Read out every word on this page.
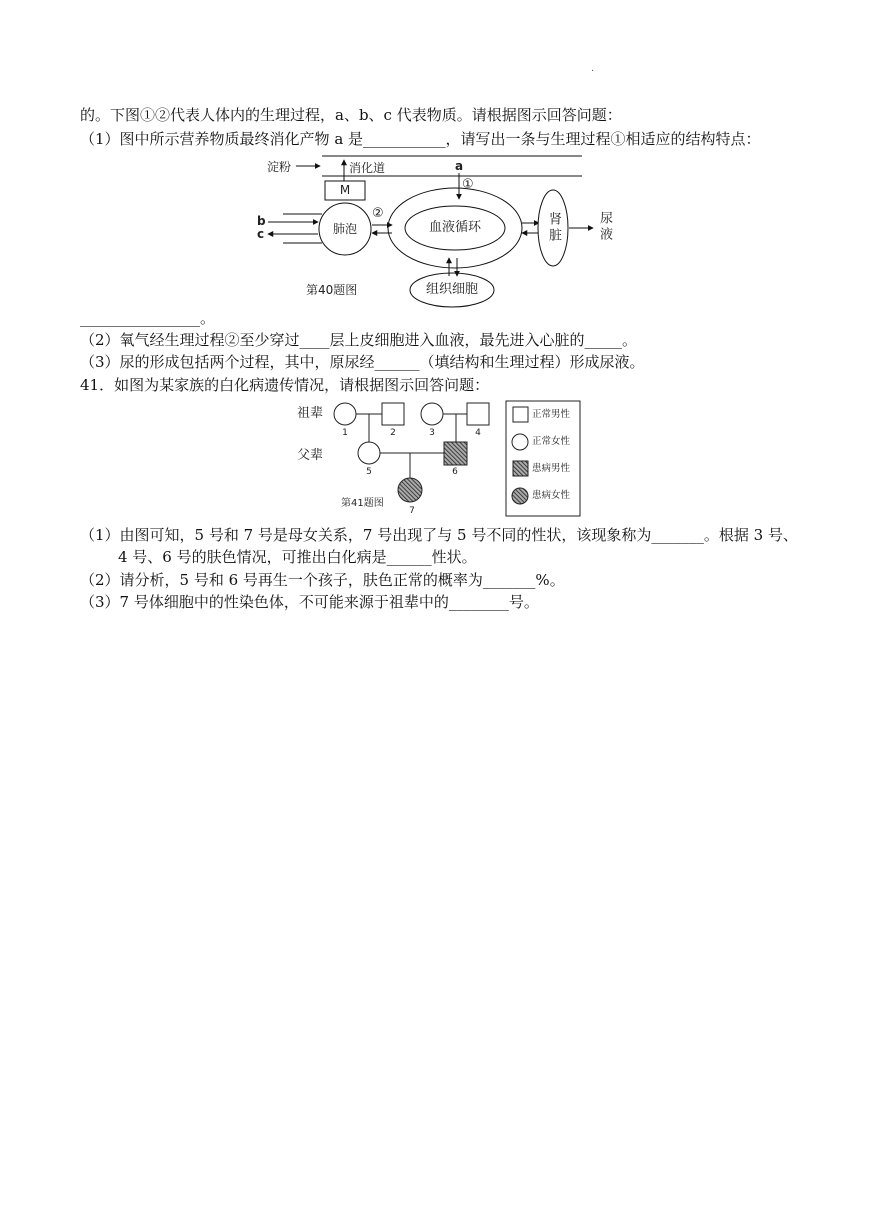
.
的。下图①②代表人体内的生理过程，a、b、c 代表物质。请根据图示回答问题：
（1）图中所示营养物质最终消化产物 a 是___________，请写出一条与生理过程①相适应的结构特点：
淀粉	消化道	a
①
M
b
c	肺泡
②
血液循环	肾脏	尿液
组织细胞
第40题图
________________。
（2）氧气经生理过程②至少穿过____层上皮细胞进入血液，最先进入心脏的_____。
（3）尿的形成包括两个过程，其中，原尿经______（填结构和生理过程）形成尿液。
41．如图为某家族的白化病遗传情况，请根据图示回答问题：
祖辈
父辈
1	2	3	4
5	6
7
第41题图
正常男性
正常女性
患病男性
患病女性
（1）由图可知，5 号和 7 号是母女关系，7 号出现了与 5 号不同的性状，该现象称为_______。根据 3 号、
4 号、6 号的肤色情况，可推出白化病是______性状。
（2）请分析，5 号和 6 号再生一个孩子，肤色正常的概率为_______%。
（3）7 号体细胞中的性染色体，不可能来源于祖辈中的________号。
